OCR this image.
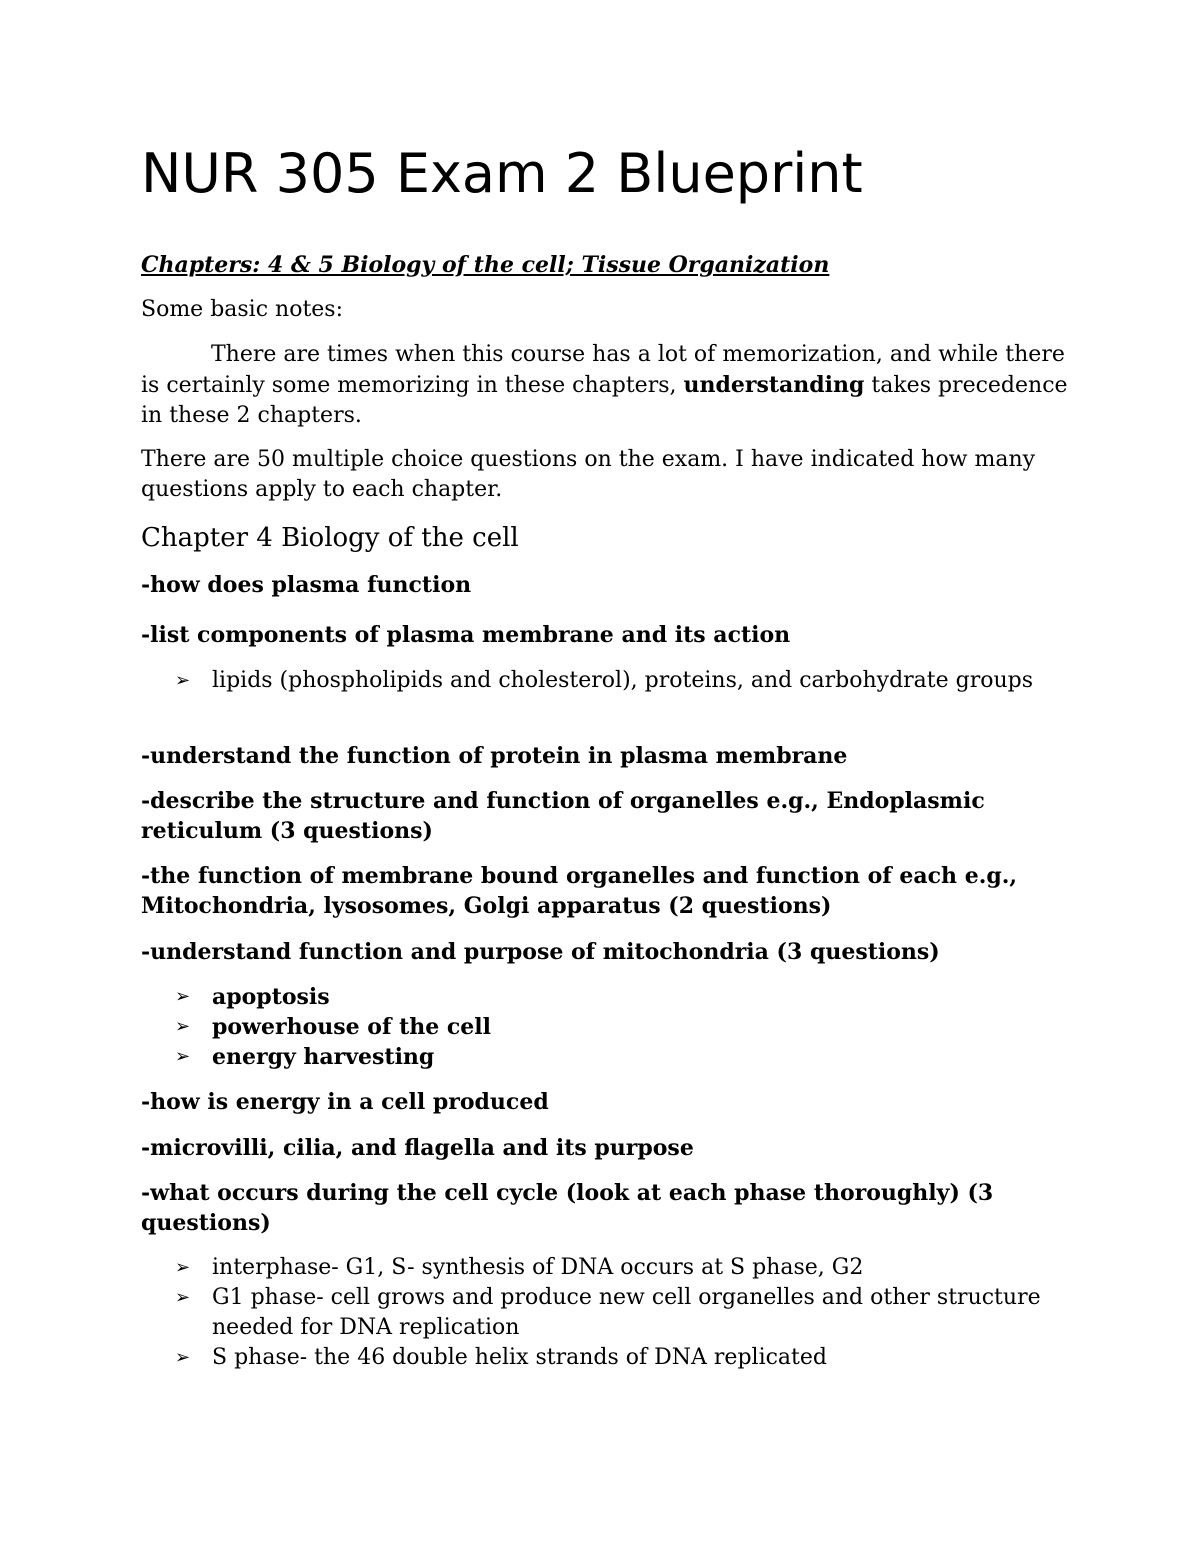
NUR 305 Exam 2 Blueprint

Chapters: 4 & 5 Biology of the cell; Tissue Organization

Some basic notes:

There are times when this course has a lot of memorization, and while there is certainly some memorizing in these chapters, understanding takes precedence in these 2 chapters.

There are 50 multiple choice questions on the exam. I have indicated how many questions apply to each chapter.

Chapter 4 Biology of the cell

-how does plasma function

-list components of plasma membrane and its action

➢ lipids (phospholipids and cholesterol), proteins, and carbohydrate groups

-understand the function of protein in plasma membrane

-describe the structure and function of organelles e.g., Endoplasmic reticulum (3 questions)

-the function of membrane bound organelles and function of each e.g., Mitochondria, lysosomes, Golgi apparatus (2 questions)

-understand function and purpose of mitochondria (3 questions)

➢ apoptosis
➢ powerhouse of the cell
➢ energy harvesting

-how is energy in a cell produced

-microvilli, cilia, and flagella and its purpose

-what occurs during the cell cycle (look at each phase thoroughly) (3 questions)

➢ interphase- G1, S- synthesis of DNA occurs at S phase, G2
➢ G1 phase- cell grows and produce new cell organelles and other structure needed for DNA replication
➢ S phase- the 46 double helix strands of DNA replicated
